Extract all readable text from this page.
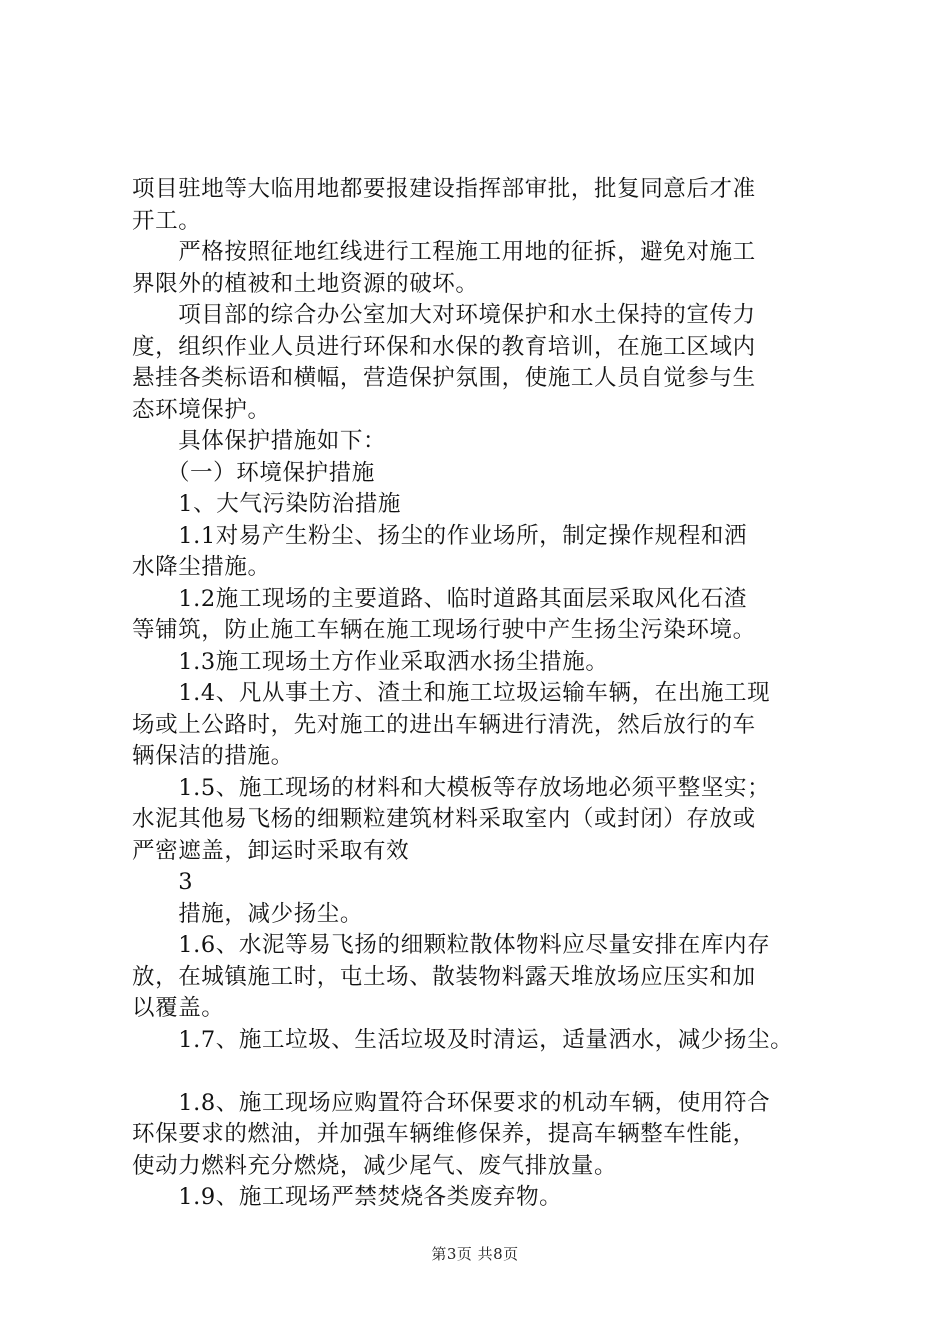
项目驻地等大临用地都要报建设指挥部审批，批复同意后才准
开工。
　　严格按照征地红线进行工程施工用地的征拆，避免对施工
界限外的植被和土地资源的破坏。
　　项目部的综合办公室加大对环境保护和水土保持的宣传力
度，组织作业人员进行环保和水保的教育培训，在施工区域内
悬挂各类标语和横幅，营造保护氛围，使施工人员自觉参与生
态环境保护。
　　具体保护措施如下：
　　（一）环境保护措施
　　1、大气污染防治措施
　　1.1对易产生粉尘、扬尘的作业场所，制定操作规程和洒
水降尘措施。
　　1.2施工现场的主要道路、临时道路其面层采取风化石渣
等铺筑，防止施工车辆在施工现场行驶中产生扬尘污染环境。
　　1.3施工现场土方作业采取洒水扬尘措施。
　　1.4、凡从事土方、渣土和施工垃圾运输车辆，在出施工现
场或上公路时，先对施工的进出车辆进行清洗，然后放行的车
辆保洁的措施。
　　1.5、施工现场的材料和大模板等存放场地必须平整坚实；
水泥其他易飞杨的细颗粒建筑材料采取室内（或封闭）存放或
严密遮盖，卸运时采取有效
　　3
　　措施，减少扬尘。
　　1.6、水泥等易飞扬的细颗粒散体物料应尽量安排在库内存
放，在城镇施工时，屯土场、散装物料露天堆放场应压实和加
以覆盖。
　　1.7、施工垃圾、生活垃圾及时清运，适量洒水，减少扬尘。
　　1.8、施工现场应购置符合环保要求的机动车辆，使用符合
环保要求的燃油，并加强车辆维修保养，提高车辆整车性能，
使动力燃料充分燃烧，减少尾气、废气排放量。
　　1.9、施工现场严禁焚烧各类废弃物。
第3页 共8页
